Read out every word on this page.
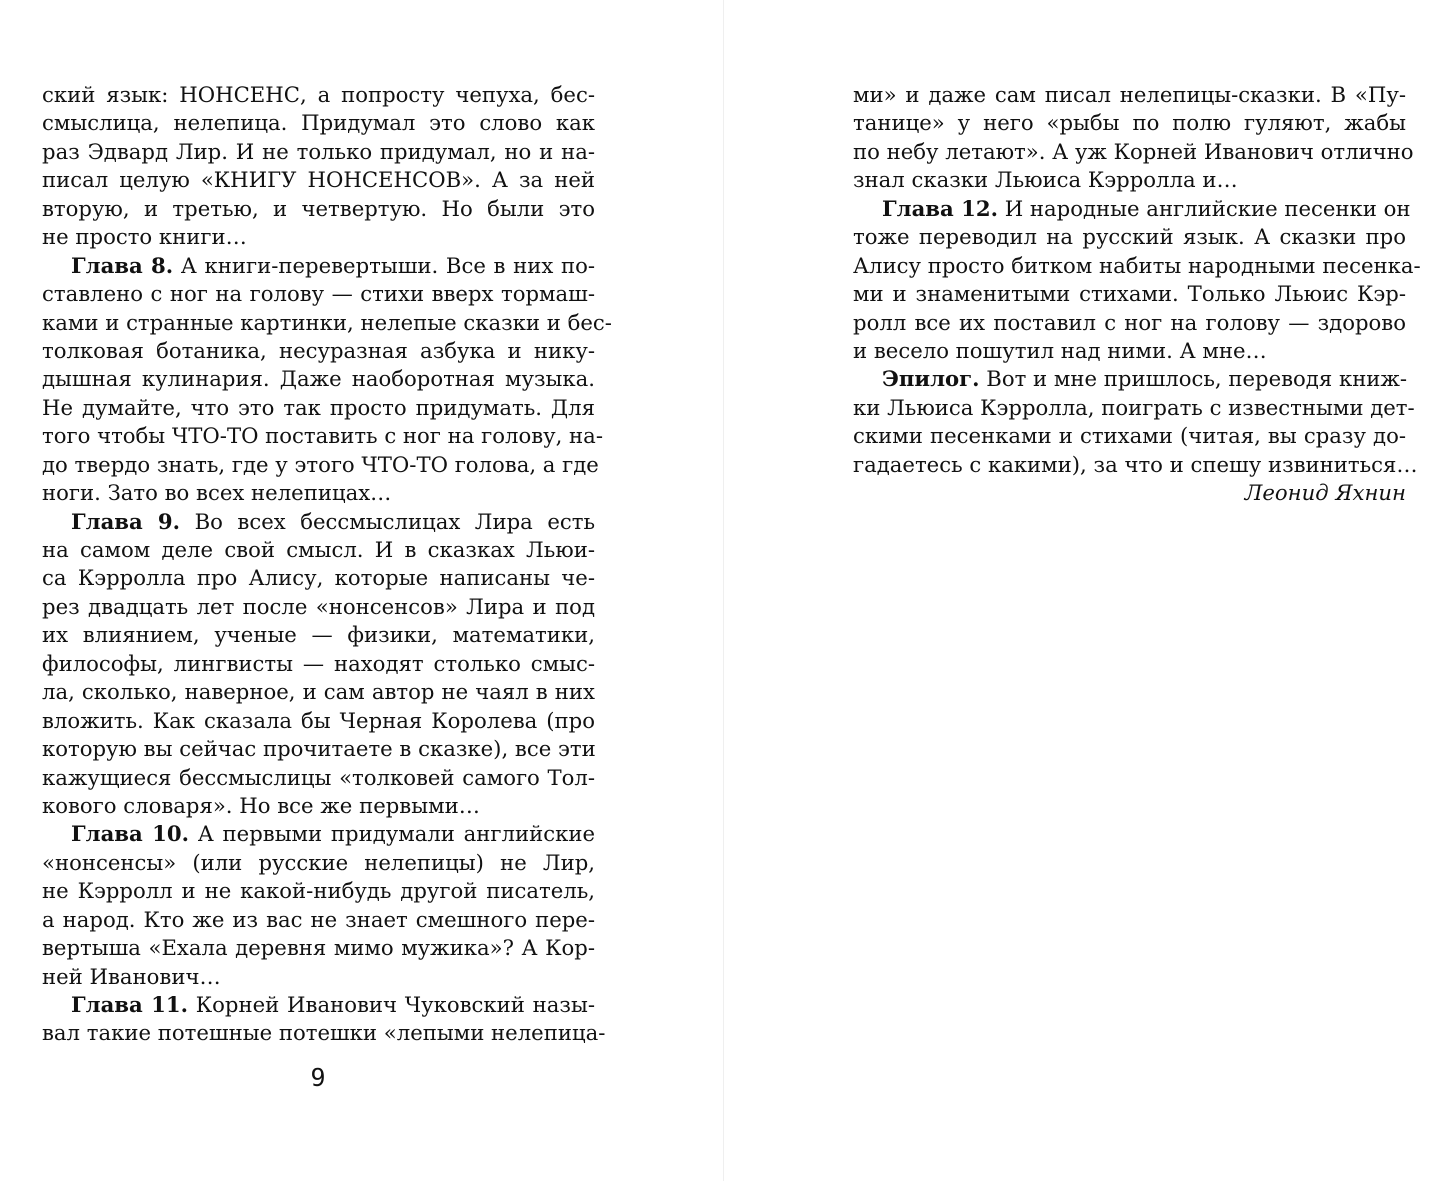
ский язык: НОНСЕНС, а попросту чепуха, бес-
смыслица, нелепица. Придумал это слово как
раз Эдвард Лир. И не только придумал, но и на-
писал целую «КНИГУ НОНСЕНСОВ». А за ней
вторую, и третью, и четвертую. Но были это
не просто книги…
Глава 8. А книги-перевертыши. Все в них по-
ставлено с ног на голову — стихи вверх тормаш-
ками и странные картинки, нелепые сказки и бес-
толковая ботаника, несуразная азбука и нику-
дышная кулинария. Даже наоборотная музыка.
Не думайте, что это так просто придумать. Для
того чтобы ЧТО-ТО поставить с ног на голову, на-
до твердо знать, где у этого ЧТО-ТО голова, а где
ноги. Зато во всех нелепицах…
Глава 9. Во всех бессмыслицах Лира есть
на самом деле свой смысл. И в сказках Льюи-
са Кэрролла про Алису, которые написаны че-
рез двадцать лет после «нонсенсов» Лира и под
их влиянием, ученые — физики, математики,
философы, лингвисты — находят столько смыс-
ла, сколько, наверное, и сам автор не чаял в них
вложить. Как сказала бы Черная Королева (про
которую вы сейчас прочитаете в сказке), все эти
кажущиеся бессмыслицы «толковей самого Тол-
кового словаря». Но все же первыми…
Глава 10. А первыми придумали английские
«нонсенсы» (или русские нелепицы) не Лир,
не Кэрролл и не какой-нибудь другой писатель,
а народ. Кто же из вас не знает смешного пере-
вертыша «Ехала деревня мимо мужика»? А Кор-
ней Иванович…
Глава 11. Корней Иванович Чуковский назы-
вал такие потешные потешки «лепыми нелепица-
9
ми» и даже сам писал нелепицы-сказки. В «Пу-
танице» у него «рыбы по полю гуляют, жабы
по небу летают». А уж Корней Иванович отлично
знал сказки Льюиса Кэрролла и…
Глава 12. И народные английские песенки он
тоже переводил на русский язык. А сказки про
Алису просто битком набиты народными песенка-
ми и знаменитыми стихами. Только Льюис Кэр-
ролл все их поставил с ног на голову — здорово
и весело пошутил над ними. А мне…
Эпилог. Вот и мне пришлось, переводя книж-
ки Льюиса Кэрролла, поиграть с известными дет-
скими песенками и стихами (читая, вы сразу до-
гадаетесь с какими), за что и спешу извиниться…
Леонид Яхнин
